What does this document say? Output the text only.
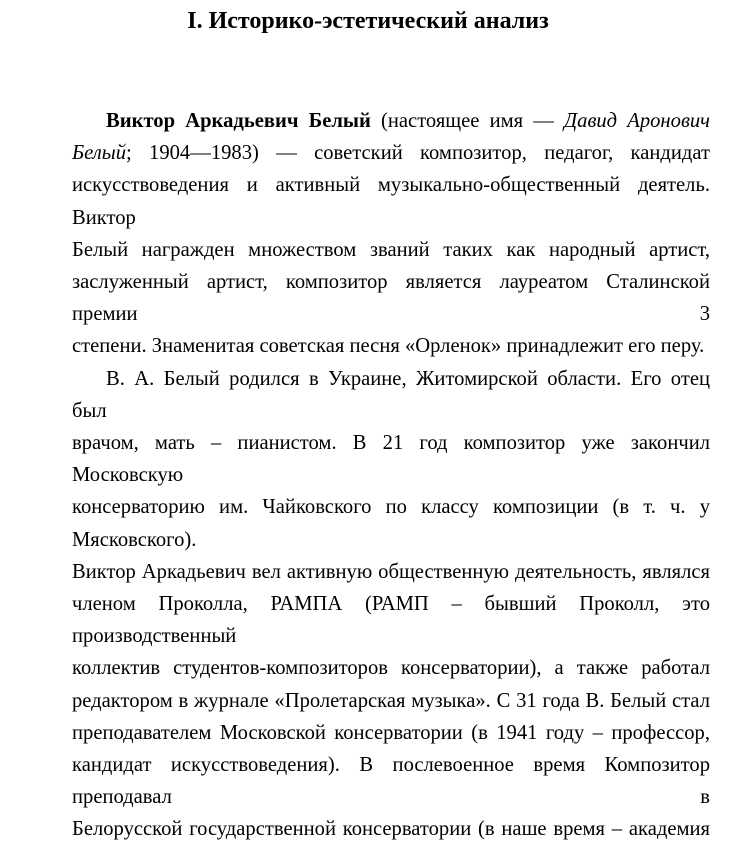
I. Историко-эстетический анализ

Виктор Аркадьевич Белый (настоящее имя — Давид Аронович
Белый; 1904—1983) — советский композитор, педагог, кандидат
искусствоведения и активный музыкально-общественный деятель. Виктор
Белый награжден множеством званий таких как народный артист,
заслуженный артист, композитор является лауреатом Сталинской премии 3
степени. Знаменитая советская песня «Орленок» принадлежит его перу.

В. А. Белый родился в Украине, Житомирской области. Его отец был
врачом, мать – пианистом. В 21 год композитор уже закончил Московскую
консерваторию им. Чайковского по классу композиции (в т. ч. у Мясковского).
Виктор Аркадьевич вел активную общественную деятельность, являлся
членом Проколла, РАМПА (РАМП – бывший Проколл, это производственный
коллектив студентов-композиторов консерватории), а также работал
редактором в журнале «Пролетарская музыка». С 31 года В. Белый стал
преподавателем Московской консерватории (в 1941 году – профессор,
кандидат искусствоведения). В послевоенное время Композитор преподавал в
Белорусской государственной консерватории (в наше время – академия
